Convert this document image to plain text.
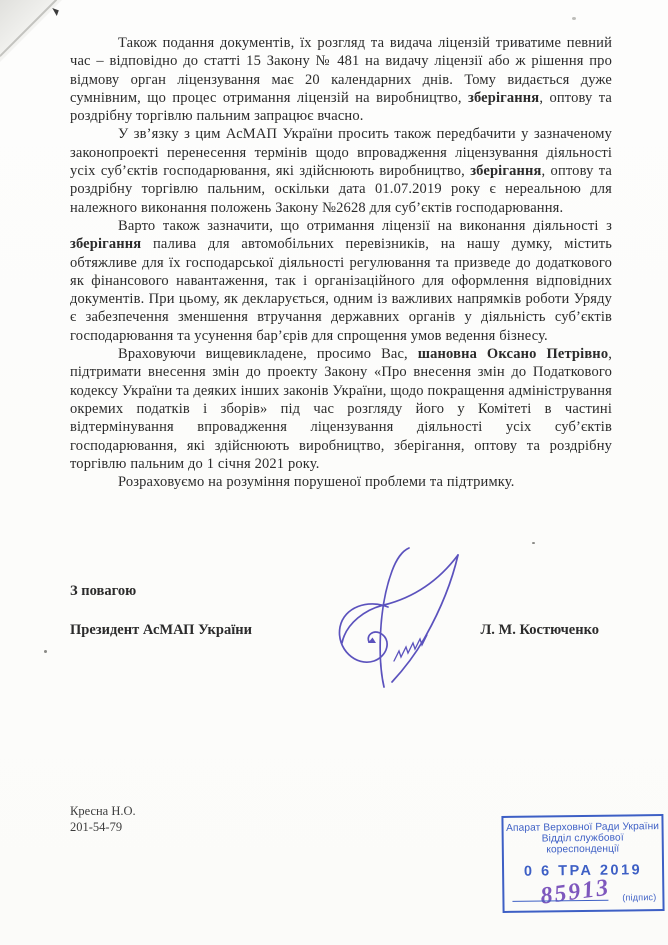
Також подання документів, їх розгляд та видача ліцензій триватиме певний час – відповідно до статті 15 Закону № 481 на видачу ліцензії або ж рішення про відмову орган ліцензування має 20 календарних днів. Тому видається дуже сумнівним, що процес отримання ліцензій на виробництво, зберігання, оптову та роздрібну торгівлю пальним запрацює вчасно.

У зв’язку з цим АсМАП України просить також передбачити у зазначеному законопроекті перенесення термінів щодо впровадження ліцензування діяльності усіх суб’єктів господарювання, які здійснюють виробництво, зберігання, оптову та роздрібну торгівлю пальним, оскільки дата 01.07.2019 року є нереальною для належного виконання положень Закону №2628 для суб’єктів господарювання.

Варто також зазначити, що отримання ліцензії на виконання діяльності з зберігання палива для автомобільних перевізників, на нашу думку, містить обтяжливе для їх господарської діяльності регулювання та призведе до додаткового як фінансового навантаження, так і організаційного для оформлення відповідних документів. При цьому, як декларується, одним із важливих напрямків роботи Уряду є забезпечення зменшення втручання державних органів у діяльність суб’єктів господарювання та усунення бар’єрів для спрощення умов ведення бізнесу.

Враховуючи вищевикладене, просимо Вас, шановна Оксано Петрівно, підтримати внесення змін до проекту Закону «Про внесення змін до Податкового кодексу України та деяких інших законів України, щодо покращення адміністрування окремих податків і зборів» під час розгляду його у Комітеті в частині відтермінування впровадження ліцензування діяльності усіх суб’єктів господарювання, які здійснюють виробництво, зберігання, оптову та роздрібну торгівлю пальним до 1 січня 2021 року.

Розраховуємо на розуміння порушеної проблеми та підтримку.

З повагою
Президент АсМАП України	Л. М. Костюченко
Кресна Н.О.
201-54-79	Апарат Верховної Ради України
Відділ службової кореспонденції
0 6 ТРА 2019
85913 (підпис)
